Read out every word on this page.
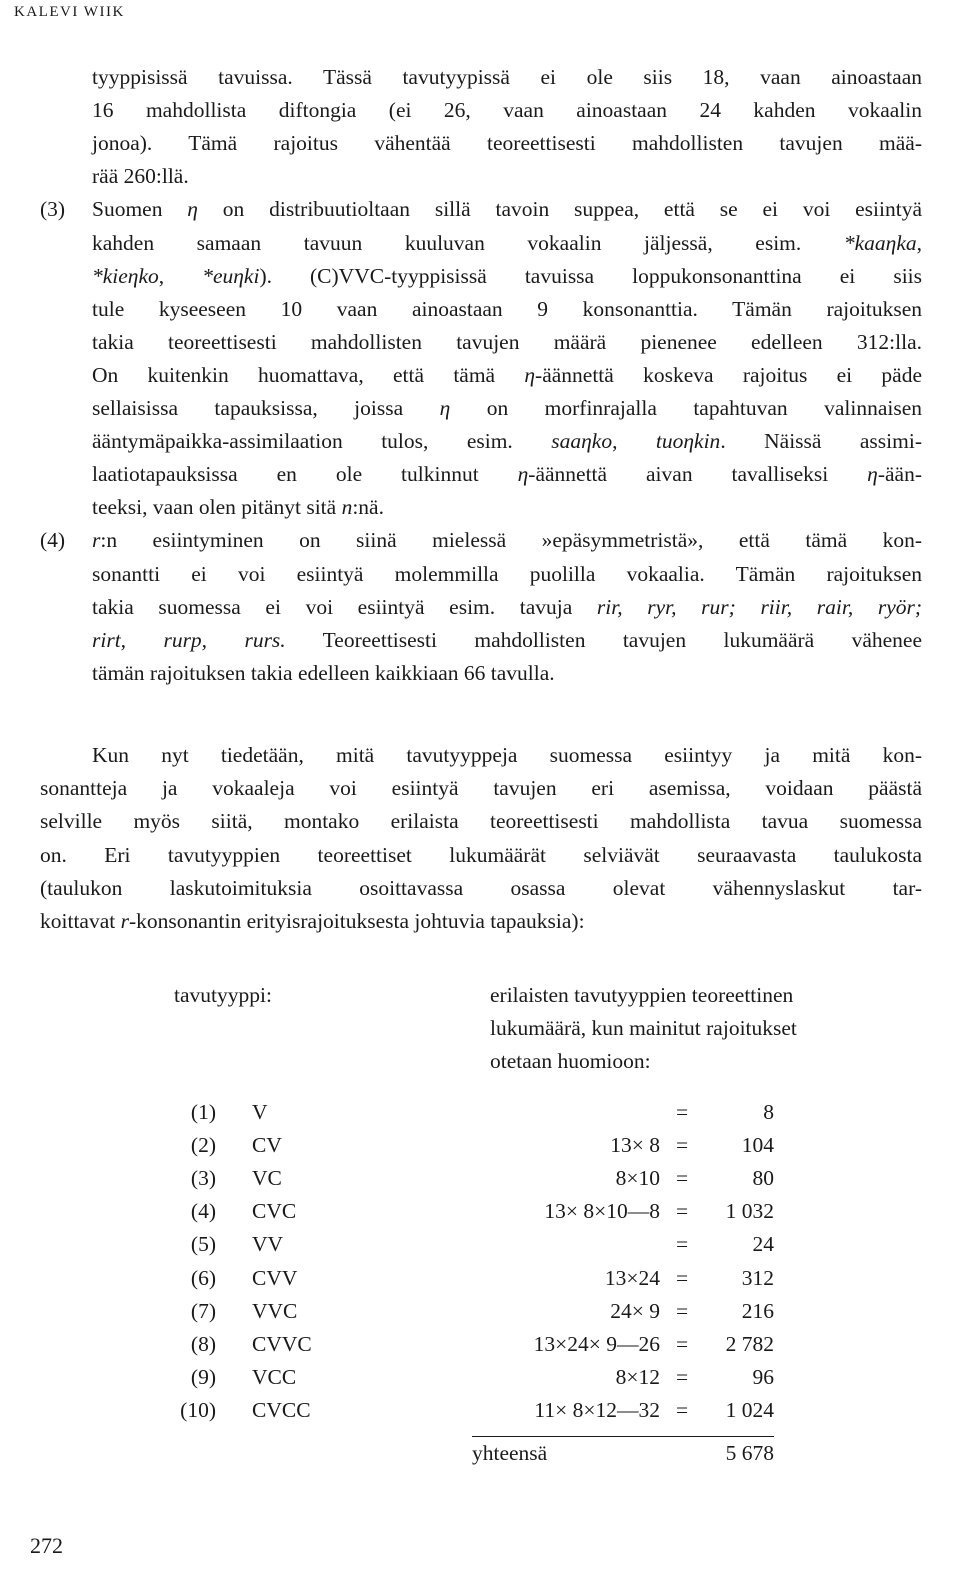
KALEVI WIIK
tyyppisissä tavuissa. Tässä tavutyypissä ei ole siis 18, vaan ainoastaan
16 mahdollista diftongia (ei 26, vaan ainoastaan 24 kahden vokaalin
jonoa). Tämä rajoitus vähentää teoreettisesti mahdollisten tavujen mää-
rää 260:llä.
(3) Suomen η on distribuutioltaan sillä tavoin suppea, että se ei voi esiintyä
kahden samaan tavuun kuuluvan vokaalin jäljessä, esim. *kaaηka,
*kieηko, *euηki). (C)VVC-tyyppisissä tavuissa loppukonsonanttina ei siis
tule kyseeseen 10 vaan ainoastaan 9 konsonanttia. Tämän rajoituksen
takia teoreettisesti mahdollisten tavujen määrä pienenee edelleen 312:lla.
On kuitenkin huomattava, että tämä η-äännettä koskeva rajoitus ei päde
sellaisissa tapauksissa, joissa η on morfinrajalla tapahtuvan valinnaisen
ääntymäpaikka-assimilaation tulos, esim. saaηko, tuoηkin. Näissä assimi-
laatiotapauksissa en ole tulkinnut η-äännettä aivan tavalliseksi η-ään-
teeksi, vaan olen pitänyt sitä n:nä.
(4) r:n esiintyminen on siinä mielessä »epäsymmetristä», että tämä kon-
sonantti ei voi esiintyä molemmilla puolilla vokaalia. Tämän rajoituksen
takia suomessa ei voi esiintyä esim. tavuja rir, ryr, rur; riir, rair, ryör;
rirt, rurp, rurs. Teoreettisesti mahdollisten tavujen lukumäärä vähenee
tämän rajoituksen takia edelleen kaikkiaan 66 tavulla.
Kun nyt tiedetään, mitä tavutyyppeja suomessa esiintyy ja mitä kon-
sonantteja ja vokaaleja voi esiintyä tavujen eri asemissa, voidaan päästä
selville myös siitä, montako erilaista teoreettisesti mahdollista tavua suomessa
on. Eri tavutyyppien teoreettiset lukumäärät selviävät seuraavasta taulukosta
(taulukon laskutoimituksia osoittavassa osassa olevat vähennyslaskut tar-
koittavat r-konsonantin erityisrajoituksesta johtuvia tapauksia):
tavutyyppi:	erilaisten tavutyyppien teoreettinen
lukumäärä, kun mainitut rajoitukset
otetaan huomioon:
(1) V	=	8
(2) CV	13× 8 =	104
(3) VC	8×10 =	80
(4) CVC	13× 8×10—8 =	1 032
(5) VV	=	24
(6) CVV	13×24 =	312
(7) VVC	24× 9 =	216
(8) CVVC	13×24× 9—26 =	2 782
(9) VCC	8×12 =	96
(10) CVCC	11× 8×12—32 =	1 024
yhteensä	5 678
272
